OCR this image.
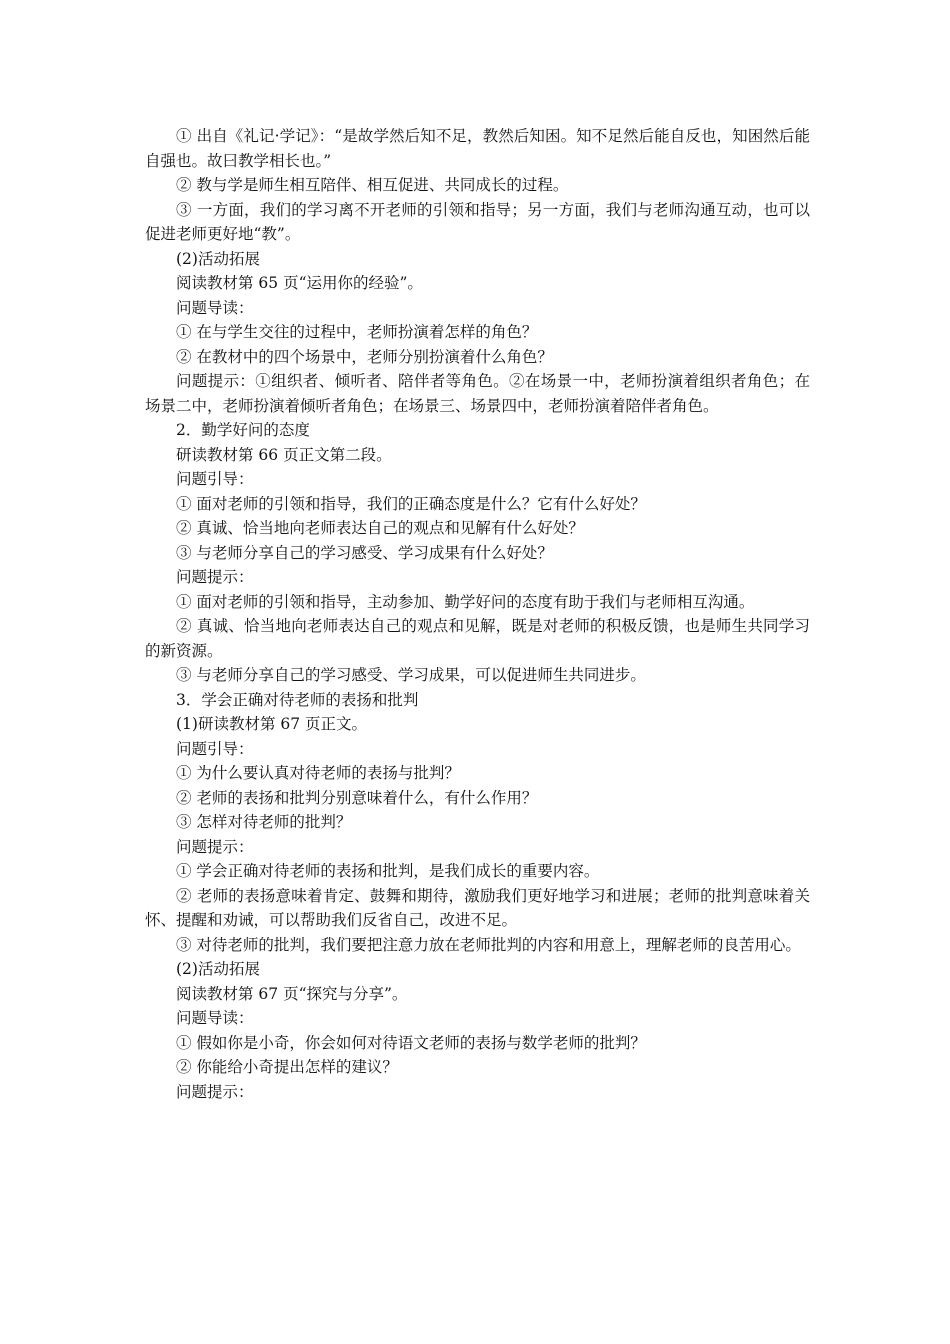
① 出自《礼记·学记》：“是故学然后知不足，教然后知困。知不足然后能自反也，知困然后能自强也。故曰教学相长也。”

② 教与学是师生相互陪伴、相互促进、共同成长的过程。

③ 一方面，我们的学习离不开老师的引领和指导；另一方面，我们与老师沟通互动，也可以促进老师更好地“教”。

(2)活动拓展

阅读教材第 65 页“运用你的经验”。

问题导读：

① 在与学生交往的过程中，老师扮演着怎样的角色？

② 在教材中的四个场景中，老师分别扮演着什么角色？

问题提示：①组织者、倾听者、陪伴者等角色。②在场景一中，老师扮演着组织者角色；在场景二中，老师扮演着倾听者角色；在场景三、场景四中，老师扮演着陪伴者角色。

2．勤学好问的态度

研读教材第 66 页正文第二段。

问题引导：

① 面对老师的引领和指导，我们的正确态度是什么？它有什么好处？

② 真诚、恰当地向老师表达自己的观点和见解有什么好处？

③ 与老师分享自己的学习感受、学习成果有什么好处？

问题提示：

① 面对老师的引领和指导，主动参加、勤学好问的态度有助于我们与老师相互沟通。

② 真诚、恰当地向老师表达自己的观点和见解，既是对老师的积极反馈，也是师生共同学习的新资源。

③ 与老师分享自己的学习感受、学习成果，可以促进师生共同进步。

3．学会正确对待老师的表扬和批判

(1)研读教材第 67 页正文。

问题引导：

① 为什么要认真对待老师的表扬与批判？

② 老师的表扬和批判分别意味着什么，有什么作用？

③ 怎样对待老师的批判？

问题提示：

① 学会正确对待老师的表扬和批判，是我们成长的重要内容。

② 老师的表扬意味着肯定、鼓舞和期待，激励我们更好地学习和进展；老师的批判意味着关怀、提醒和劝诫，可以帮助我们反省自己，改进不足。

③ 对待老师的批判，我们要把注意力放在老师批判的内容和用意上，理解老师的良苦用心。

(2)活动拓展

阅读教材第 67 页“探究与分享”。

问题导读：

① 假如你是小奇，你会如何对待语文老师的表扬与数学老师的批判？

② 你能给小奇提出怎样的建议？

问题提示：
